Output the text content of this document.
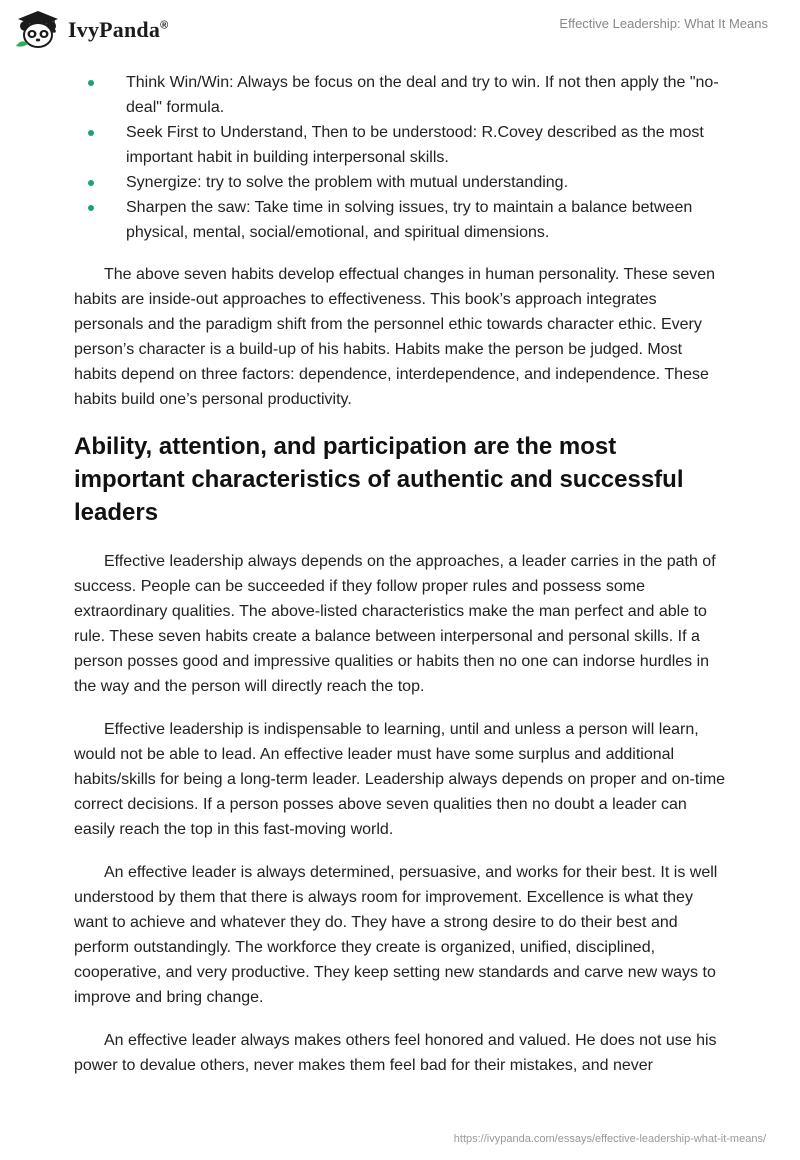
IvyPanda®	Effective Leadership: What It Means
Think Win/Win: Always be focus on the deal and try to win. If not then apply the "no-deal" formula.
Seek First to Understand, Then to be understood: R.Covey described as the most important habit in building interpersonal skills.
Synergize: try to solve the problem with mutual understanding.
Sharpen the saw: Take time in solving issues, try to maintain a balance between physical, mental, social/emotional, and spiritual dimensions.

The above seven habits develop effectual changes in human personality. These seven habits are inside-out approaches to effectiveness. This book’s approach integrates personals and the paradigm shift from the personnel ethic towards character ethic. Every person’s character is a build-up of his habits. Habits make the person be judged. Most habits depend on three factors: dependence, interdependence, and independence. These habits build one’s personal productivity.

Ability, attention, and participation are the most important characteristics of authentic and successful leaders

Effective leadership always depends on the approaches, a leader carries in the path of success. People can be succeeded if they follow proper rules and possess some extraordinary qualities. The above-listed characteristics make the man perfect and able to rule. These seven habits create a balance between interpersonal and personal skills. If a person posses good and impressive qualities or habits then no one can indorse hurdles in the way and the person will directly reach the top.

Effective leadership is indispensable to learning, until and unless a person will learn, would not be able to lead. An effective leader must have some surplus and additional habits/skills for being a long-term leader. Leadership always depends on proper and on-time correct decisions. If a person posses above seven qualities then no doubt a leader can easily reach the top in this fast-moving world.

An effective leader is always determined, persuasive, and works for their best. It is well understood by them that there is always room for improvement. Excellence is what they want to achieve and whatever they do. They have a strong desire to do their best and perform outstandingly. The workforce they create is organized, unified, disciplined, cooperative, and very productive. They keep setting new standards and carve new ways to improve and bring change.

An effective leader always makes others feel honored and valued. He does not use his power to devalue others, never makes them feel bad for their mistakes, and never

https://ivypanda.com/essays/effective-leadership-what-it-means/
